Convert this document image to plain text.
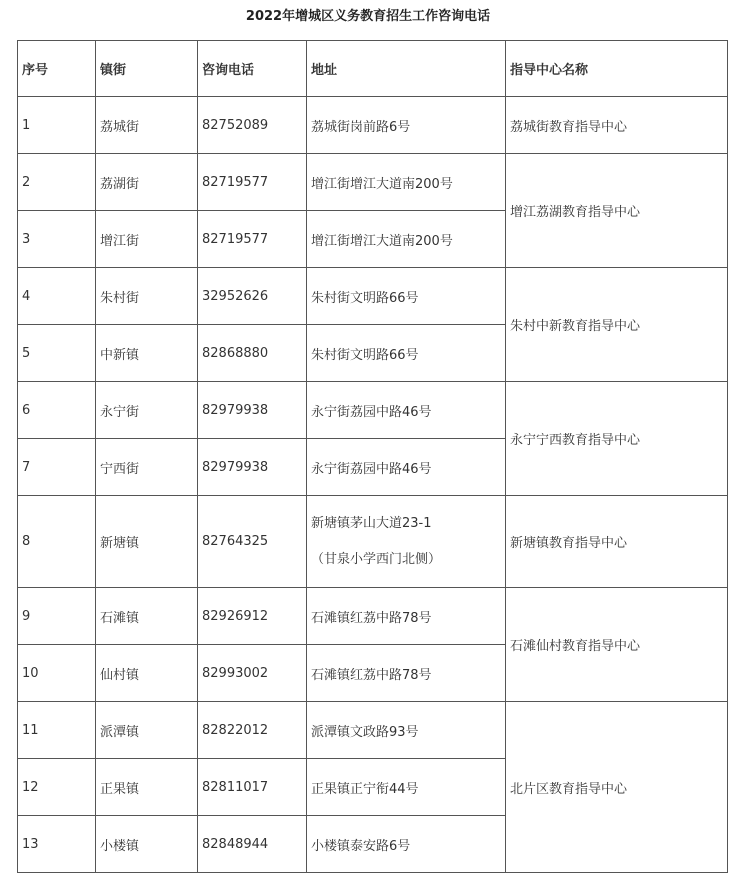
2022年增城区义务教育招生工作咨询电话
序号	镇街	咨询电话	地址	指导中心名称
1	荔城街	82752089	荔城街岗前路6号	荔城街教育指导中心
2	荔湖街	82719577	增江街增江大道南200号	增江荔湖教育指导中心
3	增江街	82719577	增江街增江大道南200号	
4	朱村街	32952626	朱村街文明路66号	朱村中新教育指导中心
5	中新镇	82868880	朱村街文明路66号	
6	永宁街	82979938	永宁街荔园中路46号	永宁宁西教育指导中心
7	宁西街	82979938	永宁街荔园中路46号	
8	新塘镇	82764325	新塘镇茅山大道23-1
（甘泉小学西门北侧）	新塘镇教育指导中心
9	石滩镇	82926912	石滩镇红荔中路78号	石滩仙村教育指导中心
10	仙村镇	82993002	石滩镇红荔中路78号	
11	派潭镇	82822012	派潭镇文政路93号	北片区教育指导中心
12	正果镇	82811017	正果镇正宁衔44号	
13	小楼镇	82848944	小楼镇泰安路6号	
